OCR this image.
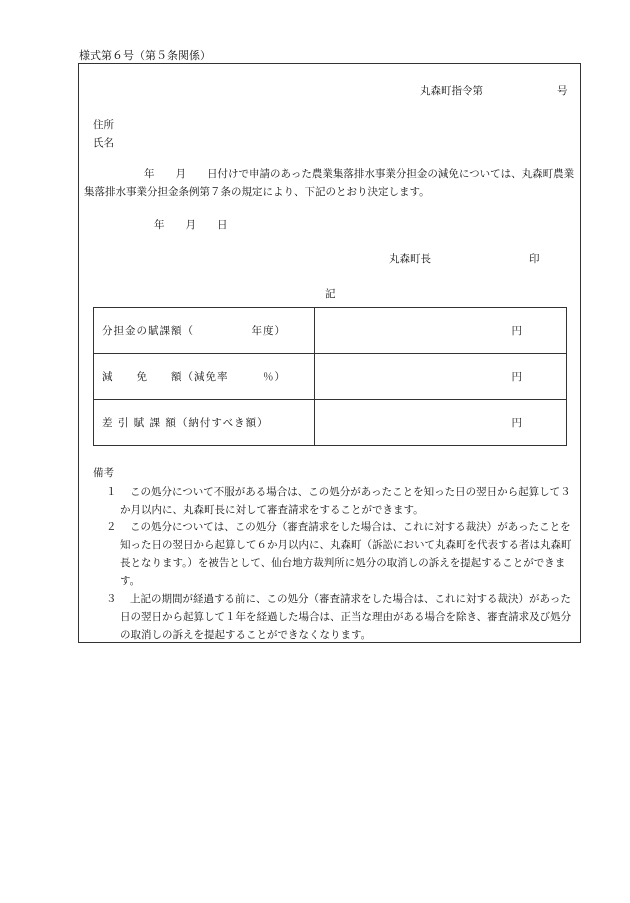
様式第６号（第５条関係）
丸森町指令第	号
住所
氏名
年　　月　　日付けで申請のあった農業集落排水事業分担金の減免については、丸森町農業集落排水事業分担金条例第７条の規定により、下記のとおり決定します。
年　　月　　日
丸森町長	印
記
分担金の賦課額（　　　　　年度）	円
減　　免　　額（減免率　　　％）	円
差 引 賦 課 額（納付すべき額）	円
備考
１	この処分について不服がある場合は、この処分があったことを知った日の翌日から起算して３か月以内に、丸森町長に対して審査請求をすることができます。
２	この処分については、この処分（審査請求をした場合は、これに対する裁決）があったことを知った日の翌日から起算して６か月以内に、丸森町（訴訟において丸森町を代表する者は丸森町長となります。）を被告として、仙台地方裁判所に処分の取消しの訴えを提起することができます。
３	上記の期間が経過する前に、この処分（審査請求をした場合は、これに対する裁決）があった日の翌日から起算して１年を経過した場合は、正当な理由がある場合を除き、審査請求及び処分の取消しの訴えを提起することができなくなります。
